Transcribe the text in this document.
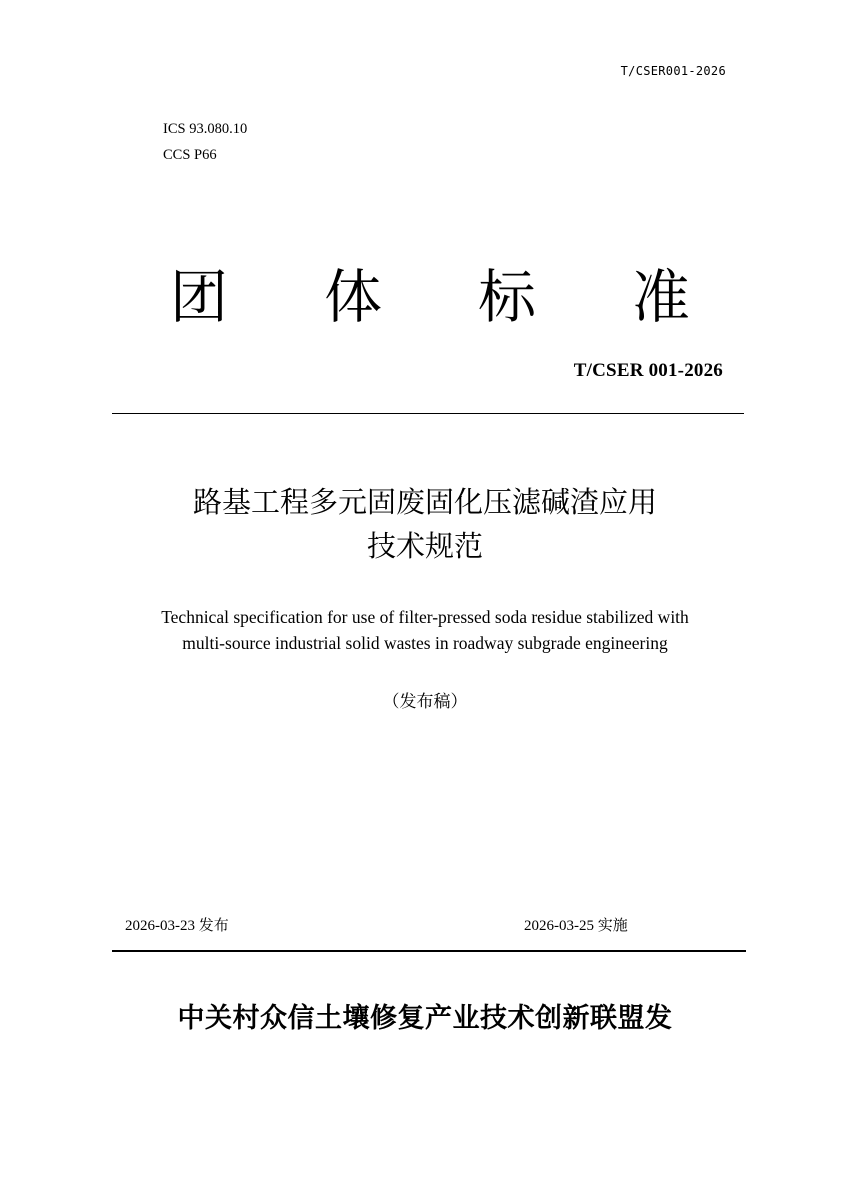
T/CSER001-2026
ICS 93.080.10
CCS P66
团 体 标 准
T/CSER 001-2026
路基工程多元固废固化压滤碱渣应用
技术规范
Technical specification for use of filter-pressed soda residue stabilized with
multi-source industrial solid wastes in roadway subgrade engineering
（发布稿）
2026-03-23 发布	2026-03-25 实施
中关村众信土壤修复产业技术创新联盟发
